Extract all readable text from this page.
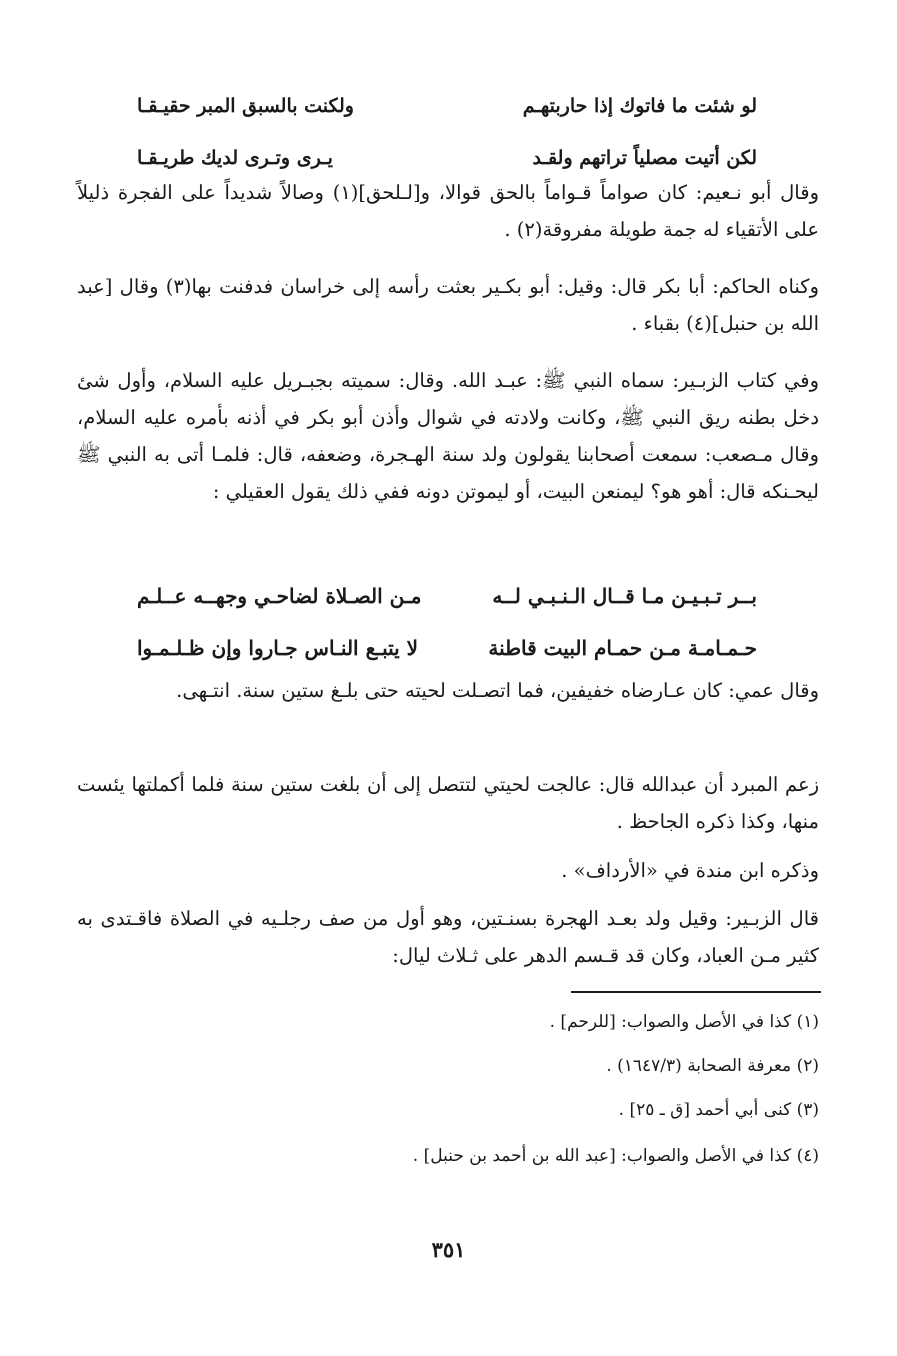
لو شئت ما فاتوك إذا حاربتهـم
ولكنت بالسبق المبر حقيـقـا
لكن أتيت مصلياً تراتهم ولقـد
يـرى وتـرى لديك طريـقـا

وقال أبو نـعيم: كان صواماً قـواماً بالحق قوالا، و[لـلحق](١) وصالاً شديداً على الفجرة ذليلاً على الأتقياء له جمة طويلة مفروقة(٢) .

وكناه الحاكم: أبا بكر قال: وقيل: أبو بكـير بعثت رأسه إلى خراسان فدفنت بها(٣) وقال [عبد الله بن حنبل](٤) بقباء .

وفي كتاب الزبـير: سماه النبي ﷺ: عبـد الله. وقال: سميته بجبـريل عليه السلام، وأول شئ دخل بطنه ريق النبي ﷺ، وكانت ولادته في شوال وأذن أبو بكر في أذنه بأمره عليه السلام، وقال مـصعب: سمعت أصحابنا يقولون ولد سنة الهـجرة، وضعفه، قال: فلمـا أتى به النبي ﷺ ليحـنكه قال: أهو هو؟ ليمنعن البيت، أو ليموتن دونه ففي ذلك يقول العقيلي :

بــر تـبـيـن مـا قــال الـنـبـي لــه
مـن الصـلاة لضاحـي وجهــه عــلـم
حـمـامـة مـن حمـام البيت قاطنة
لا يتبـع النـاس جـاروا وإن ظـلـمـوا

وقال عمي: كان عـارضاه خفيفين، فما اتصـلت لحيته حتى بلـغ ستين سنة. انتـهى.

زعم المبرد أن عبدالله قال: عالجت لحيتي لتتصل إلى أن بلغت ستين سنة فلما أكملتها يئست منها، وكذا ذكره الجاحظ .

وذكره ابن مندة في «الأرداف» .

قال الزبـير: وقيل ولد بعـد الهجرة بسنـتين، وهو أول من صف رجلـيه في الصلاة فاقـتدى به كثير مـن العباد، وكان قد قـسم الدهر على ثـلاث ليال:

(١) كذا في الأصل والصواب: [للرحم] .
(٢) معرفة الصحابة (١٦٤٧/٣) .
(٣) كنى أبي أحمد [ق ـ ٢٥] .
(٤) كذا في الأصل والصواب: [عبد الله بن أحمد بن حنبل] .
٣٥١
